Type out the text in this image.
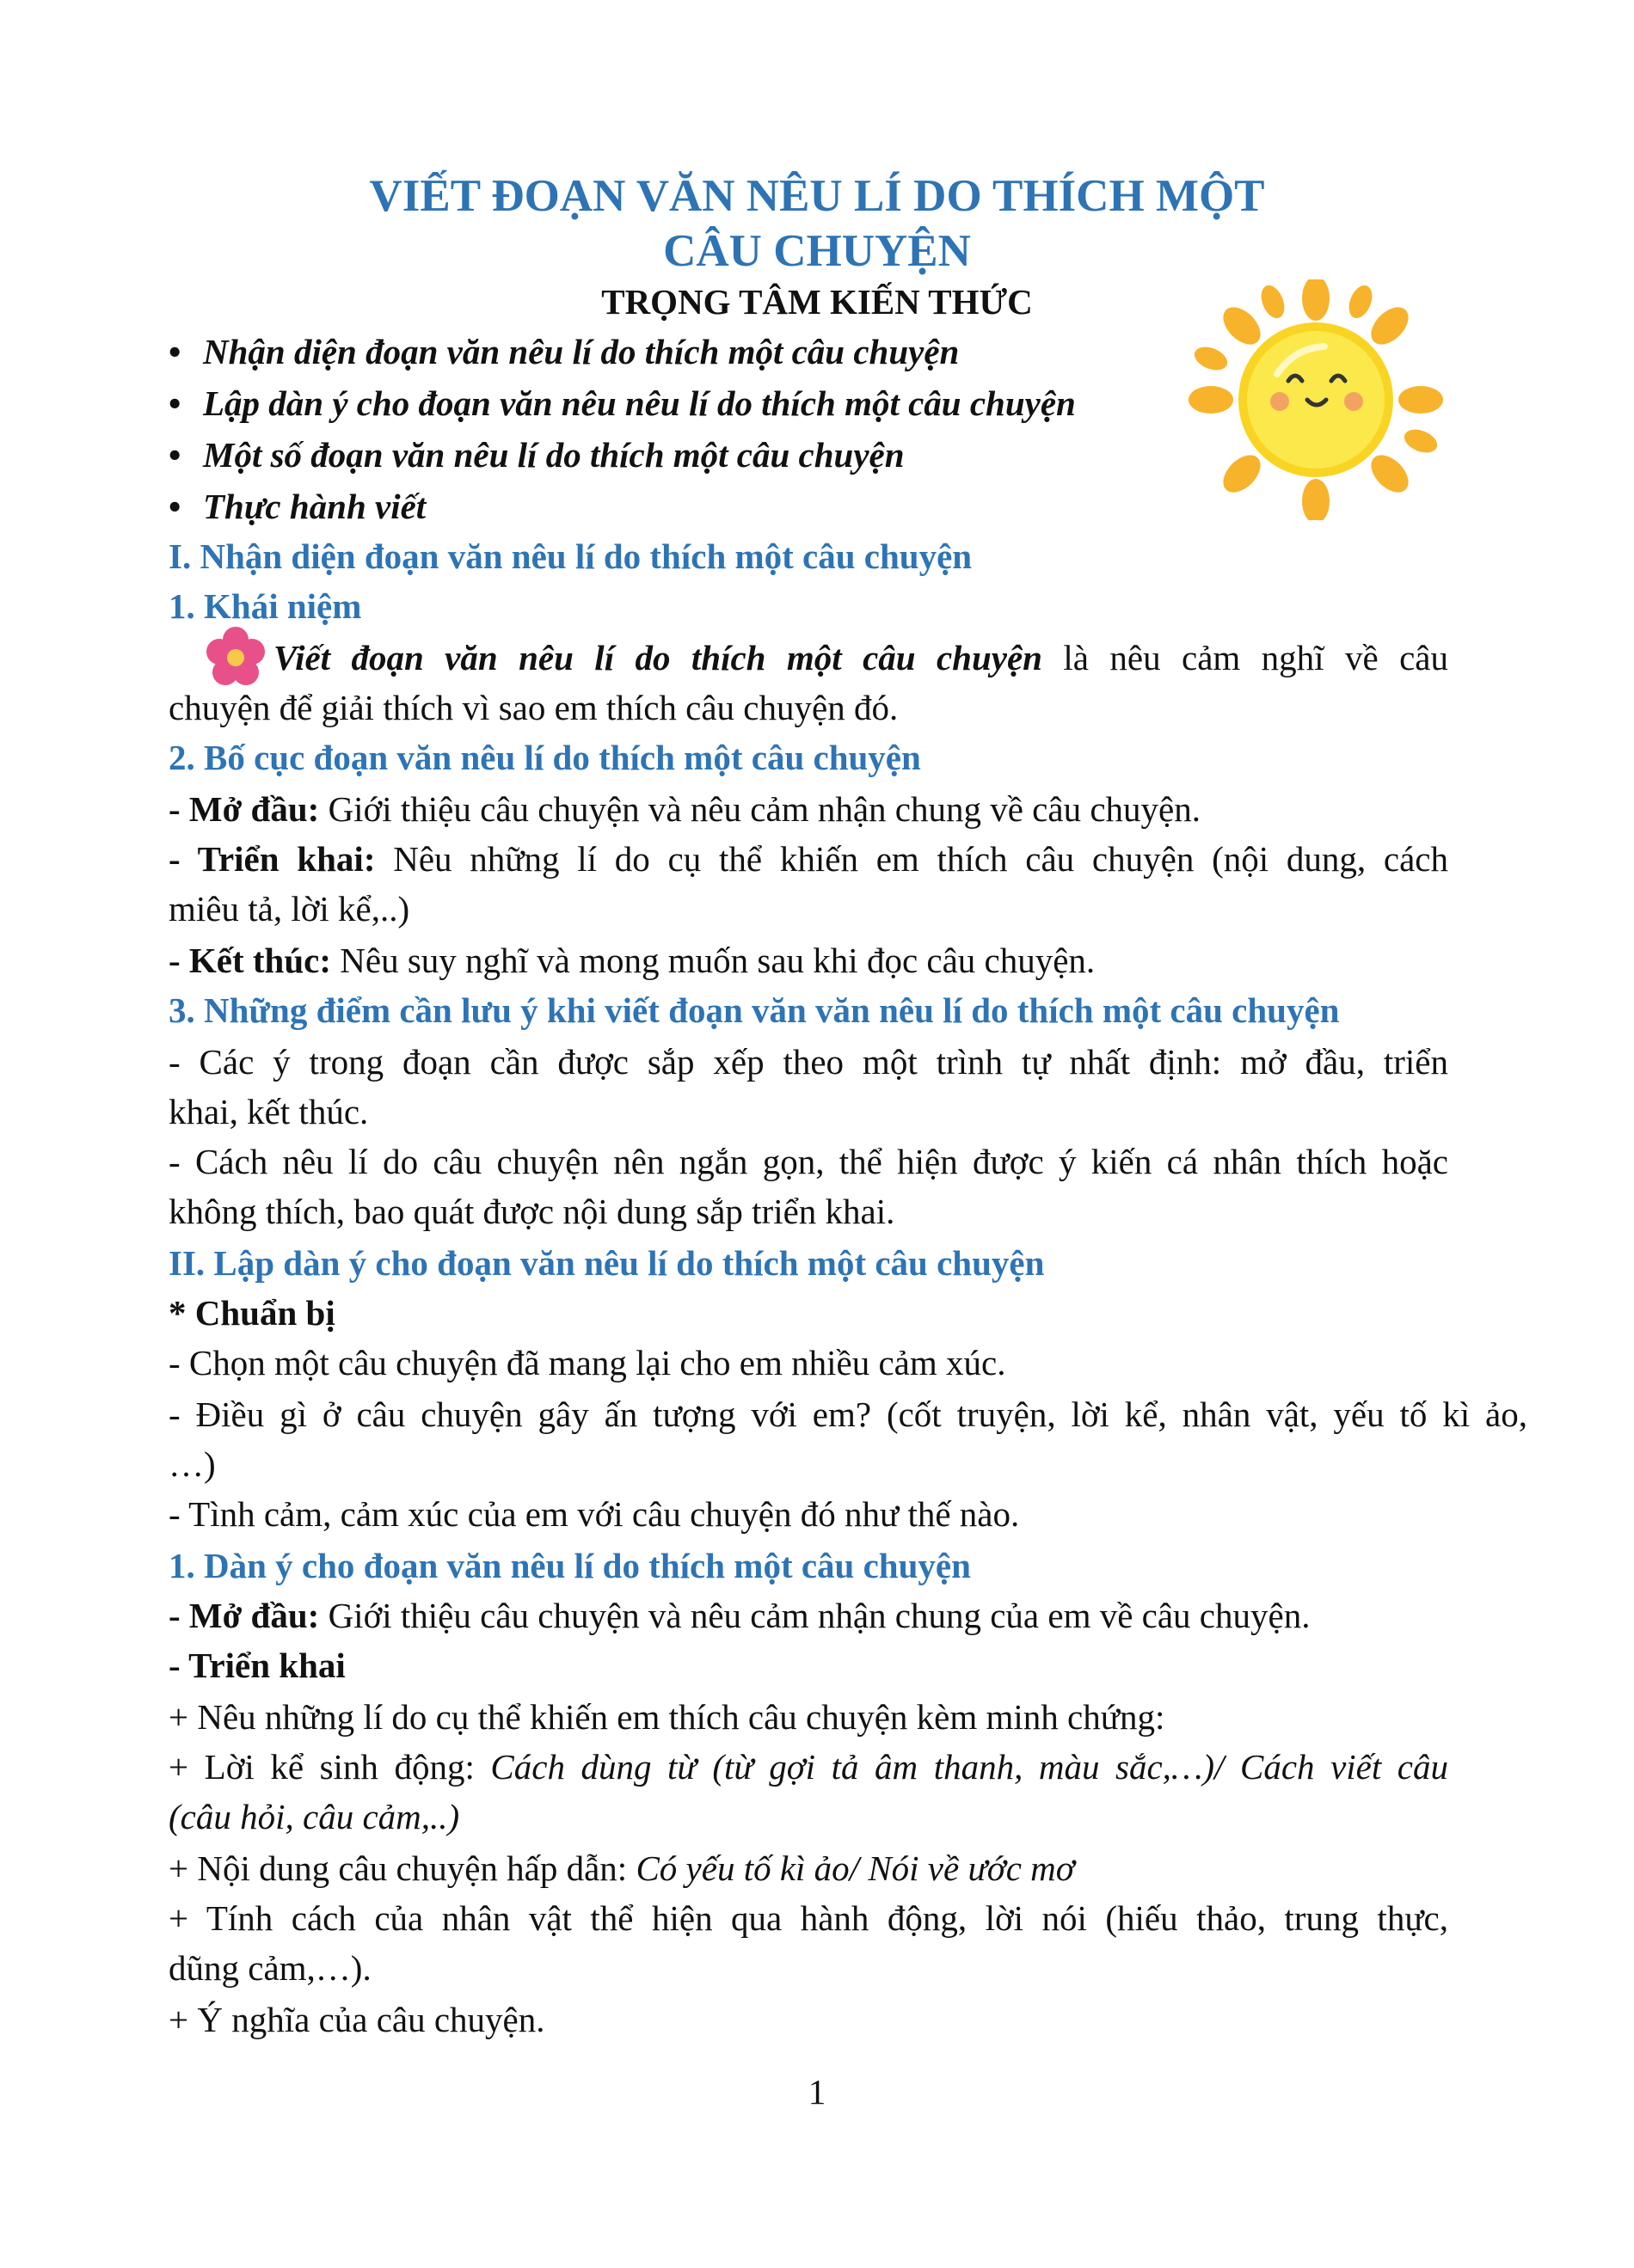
VIẾT ĐOẠN VĂN NÊU LÍ DO THÍCH MỘT
CÂU CHUYỆN
TRỌNG TÂM KIẾN THỨC
• Nhận diện đoạn văn nêu lí do thích một câu chuyện
• Lập dàn ý cho đoạn văn nêu nêu lí do thích một câu chuyện
• Một số đoạn văn nêu lí do thích một câu chuyện
• Thực hành viết
I. Nhận diện đoạn văn nêu lí do thích một câu chuyện
1. Khái niệm
Viết đoạn văn nêu lí do thích một câu chuyện là nêu cảm nghĩ về câu
chuyện để giải thích vì sao em thích câu chuyện đó.
2. Bố cục đoạn văn nêu lí do thích một câu chuyện
- Mở đầu: Giới thiệu câu chuyện và nêu cảm nhận chung về câu chuyện.
- Triển khai: Nêu những lí do cụ thể khiến em thích câu chuyện (nội dung, cách
miêu tả, lời kể,..)
- Kết thúc: Nêu suy nghĩ và mong muốn sau khi đọc câu chuyện.
3. Những điểm cần lưu ý khi viết đoạn văn văn nêu lí do thích một câu chuyện
- Các ý trong đoạn cần được sắp xếp theo một trình tự nhất định: mở đầu, triển
khai, kết thúc.
- Cách nêu lí do câu chuyện nên ngắn gọn, thể hiện được ý kiến cá nhân thích hoặc
không thích, bao quát được nội dung sắp triển khai.
II. Lập dàn ý cho đoạn văn nêu lí do thích một câu chuyện
* Chuẩn bị
- Chọn một câu chuyện đã mang lại cho em nhiều cảm xúc.
- Điều gì ở câu chuyện gây ấn tượng với em? (cốt truyện, lời kể, nhân vật, yếu tố kì ảo,
…)
- Tình cảm, cảm xúc của em với câu chuyện đó như thế nào.
1. Dàn ý cho đoạn văn nêu lí do thích một câu chuyện
- Mở đầu: Giới thiệu câu chuyện và nêu cảm nhận chung của em về câu chuyện.
- Triển khai
+ Nêu những lí do cụ thể khiến em thích câu chuyện kèm minh chứng:
+ Lời kể sinh động: Cách dùng từ (từ gợi tả âm thanh, màu sắc,…)/ Cách viết câu
(câu hỏi, câu cảm,..)
+ Nội dung câu chuyện hấp dẫn: Có yếu tố kì ảo/ Nói về ước mơ
+ Tính cách của nhân vật thể hiện qua hành động, lời nói (hiếu thảo, trung thực,
dũng cảm,…).
+ Ý nghĩa của câu chuyện.
1
